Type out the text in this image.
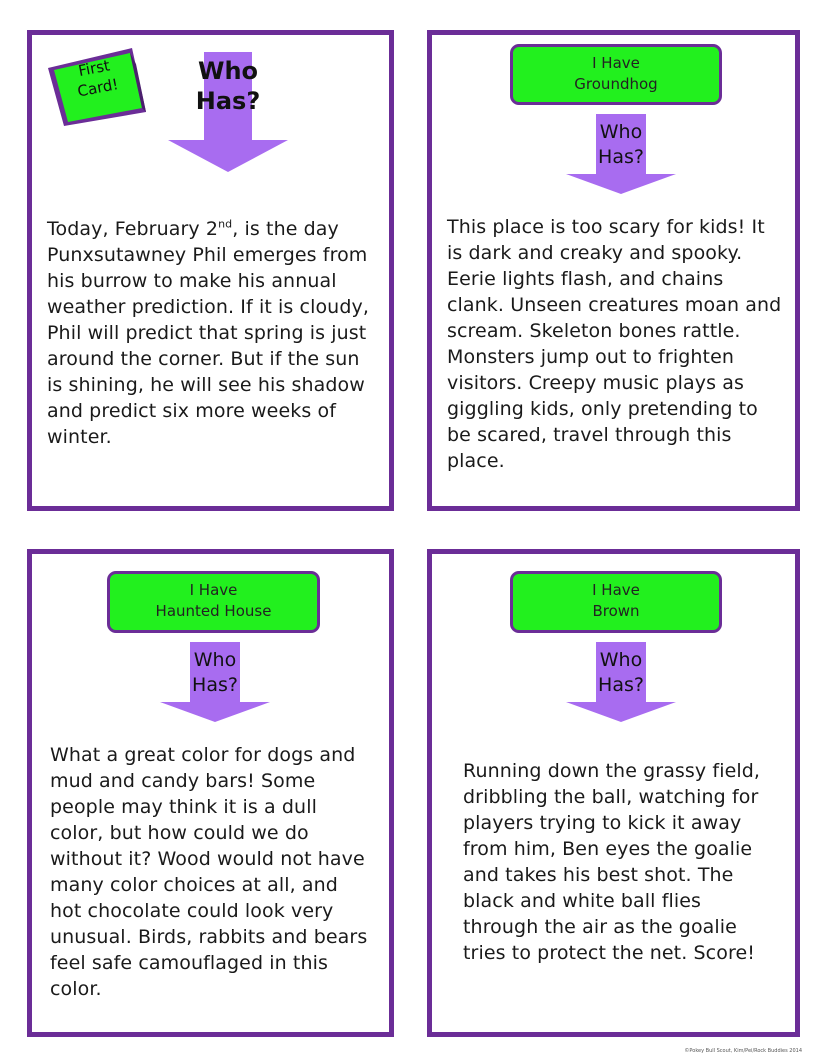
First
Card!
Who
Has?
Today, February 2nd, is the day Punxsutawney Phil emerges from his burrow to make his annual weather prediction. If it is cloudy, Phil will predict that spring is just around the corner. But if the sun is shining, he will see his shadow and predict six more weeks of winter.
I Have
Groundhog
Who
Has?
This place is too scary for kids! It is dark and creaky and spooky. Eerie lights flash, and chains clank. Unseen creatures moan and scream. Skeleton bones rattle. Monsters jump out to frighten visitors. Creepy music plays as giggling kids, only pretending to be scared, travel through this place.
I Have
Haunted House
Who
Has?
What a great color for dogs and mud and candy bars! Some people may think it is a dull color, but how could we do without it? Wood would not have many color choices at all, and hot chocolate could look very unusual. Birds, rabbits and bears feel safe camouflaged in this color.
I Have
Brown
Who
Has?
Running down the grassy field, dribbling the ball, watching for players trying to kick it away from him, Ben eyes the goalie and takes his best shot. The black and white ball flies through the air as the goalie tries to protect the net. Score!
©Pokey Bull Scout, Kim/Pei/Rock Buddies 2014
